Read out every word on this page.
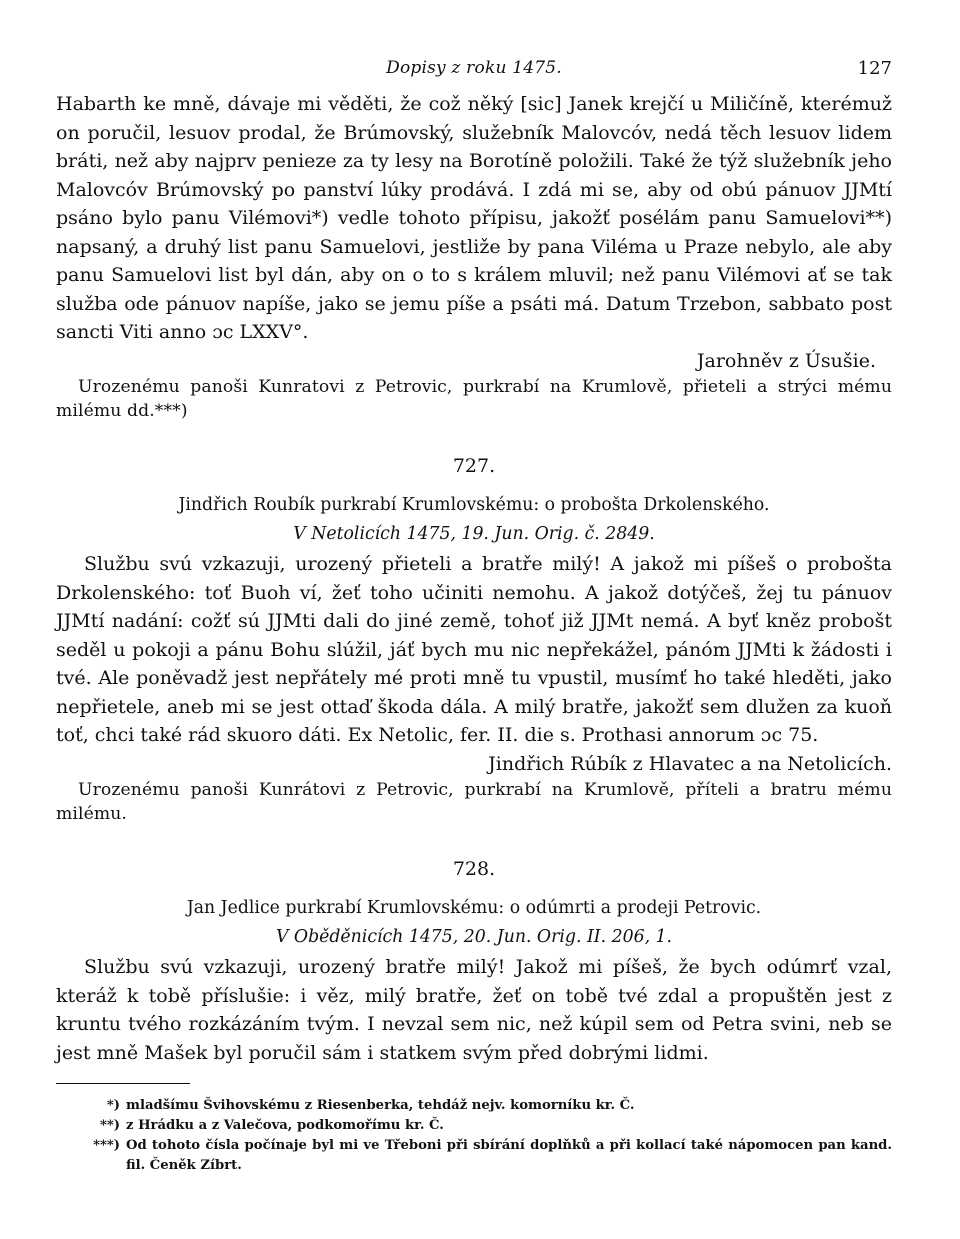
Dopisy z roku 1475.	127

Habarth ke mně, dávaje mi věděti, že což něký [sic] Janek krejčí u Miličíně, kterémuž on poručil, lesuov prodal, že Brúmovský, služebník Malovcóv, nedá těch lesuov lidem bráti, než aby najprv penieze za ty lesy na Borotíně položili. Také že týž služebník jeho Malovcóv Brúmovský po panství lúky prodává. I zdá mi se, aby od obú pánuov JJMtí psáno bylo panu Vilémovi*) vedle tohoto přípisu, jakožť posélám panu Samuelovi**) napsaný, a druhý list panu Samuelovi, jestliže by pana Viléma u Praze nebylo, ale aby panu Samuelovi list byl dán, aby on o to s králem mluvil; než panu Vilémovi ať se tak služba ode pánuov napíše, jako se jemu píše a psáti má. Datum Trzebon, sabbato post sancti Viti anno ɔc LXXV°.

Jarohněv z Úsušie.

Urozenému panoši Kunratovi z Petrovic, purkrabí na Krumlově, přieteli a strýci mému milému dd.***)

727.
Jindřich Roubík purkrabí Krumlovskému: o probošta Drkolenského.
V Netolicích 1475, 19. Jun. Orig. č. 2849.

Službu svú vzkazuji, urozený přieteli a bratře milý! A jakož mi píšeš o probošta Drkolenského: toť Buoh ví, žeť toho učiniti nemohu. A jakož dotýčeš, žej tu pánuov JJMtí nadání: cožť sú JJMti dali do jiné země, tohoť již JJMt nemá. A byť kněz probošt seděl u pokoji a pánu Bohu slúžil, jáť bych mu nic nepřekážel, pánóm JJMti k žádosti i tvé. Ale poněvadž jest nepřátely mé proti mně tu vpustil, musímť ho také hleděti, jako nepřietele, aneb mi se jest ottaď škoda dála. A milý bratře, jakožť sem dlužen za kuoň toť, chci také rád skuoro dáti. Ex Netolic, fer. II. die s. Prothasi annorum ɔc 75.
Jindřich Rúbík z Hlavatec a na Netolicích.

Urozenému panoši Kunrátovi z Petrovic, purkrabí na Krumlově, příteli a bratru mému milému.

728.
Jan Jedlice purkrabí Krumlovskému: o odúmrti a prodeji Petrovic.
V Oběděnicích 1475, 20. Jun. Orig. II. 206, 1.

Službu svú vzkazuji, urozený bratře milý! Jakož mi píšeš, že bych odúmrť vzal, kteráž k tobě příslušie: i věz, milý bratře, žeť on tobě tvé zdal a propuštěn jest z kruntu tvého rozkázáním tvým. I nevzal sem nic, než kúpil sem od Petra svini, neb se jest mně Mašek byl poručil sám i statkem svým před dobrými lidmi.

*) mladšímu Švihovskému z Riesenberka, tehdáž nejv. komorníku kr. Č.
**) z Hrádku a z Valečova, podkomořímu kr. Č.
***) Od tohoto čísla počínaje byl mi ve Třeboni při sbírání doplňků a při kollací také nápomocen pan kand. fil. Čeněk Zíbrt.
